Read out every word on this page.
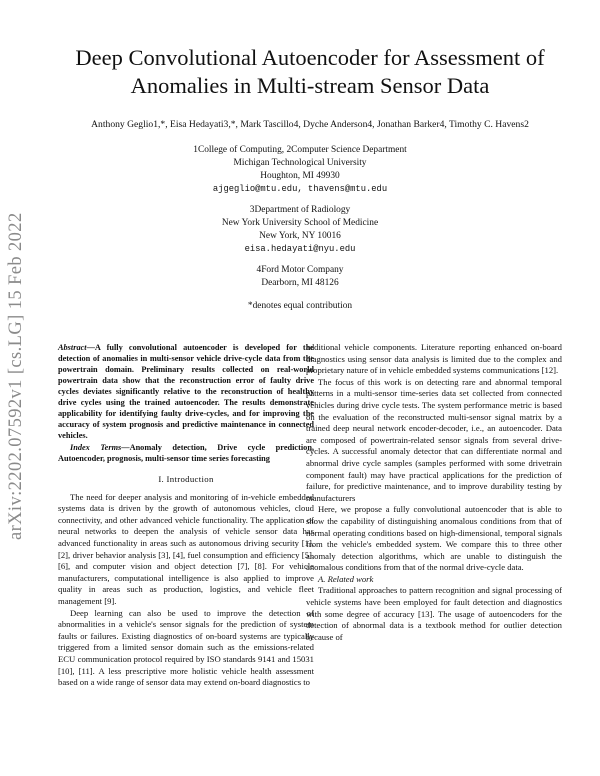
arXiv:2202.07592v1 [cs.LG] 15 Feb 2022
Deep Convolutional Autoencoder for Assessment of
Anomalies in Multi-stream Sensor Data
Anthony Geglio1,*, Eisa Hedayati3,*, Mark Tascillo4, Dyche Anderson4, Jonathan Barker4, Timothy C. Havens2
1College of Computing, 2Computer Science Department
Michigan Technological University
Houghton, MI 49930
ajgeglio@mtu.edu, thavens@mtu.edu
3Department of Radiology
New York University School of Medicine
New York, NY 10016
eisa.hedayati@nyu.edu
4Ford Motor Company
Dearborn, MI 48126
*denotes equal contribution

Abstract—A fully convolutional autoencoder is developed for the detection of anomalies in multi-sensor vehicle drive-cycle data from the powertrain domain. Preliminary results collected on real-world powertrain data show that the reconstruction error of faulty drive cycles deviates significantly relative to the reconstruction of healthy drive cycles using the trained autoencoder. The results demonstrate applicability for identifying faulty drive-cycles, and for improving the accuracy of system prognosis and predictive maintenance in connected vehicles.

Index Terms—Anomaly detection, Drive cycle prediction, Autoencoder, prognosis, multi-sensor time series forecasting

I. Introduction

The need for deeper analysis and monitoring of in-vehicle embedded systems data is driven by the growth of autonomous vehicles, cloud connectivity, and other advanced vehicle functionality. The application of neural networks to deepen the analysis of vehicle sensor data has advanced functionality in areas such as autonomous driving security [1], [2], driver behavior analysis [3], [4], fuel consumption and efficiency [5], [6], and computer vision and object detection [7], [8]. For vehicle manufacturers, computational intelligence is also applied to improve quality in areas such as production, logistics, and vehicle fleet management [9].

Deep learning can also be used to improve the detection of abnormalities in a vehicle's sensor signals for the prediction of system faults or failures. Existing diagnostics of on-board systems are typically triggered from a limited sensor domain such as the emissions-related ECU communication protocol required by ISO standards 9141 and 15031 [10], [11]. A less prescriptive more holistic vehicle health assessment based on a wide range of sensor data may extend on-board diagnostics to

additional vehicle components. Literature reporting enhanced on-board diagnostics using sensor data analysis is limited due to the complex and proprietary nature of in vehicle embedded systems communications [12].

The focus of this work is on detecting rare and abnormal temporal patterns in a multi-sensor time-series data set collected from connected vehicles during drive cycle tests. The system performance metric is based on the evaluation of the reconstructed multi-sensor signal matrix by a trained deep neural network encoder-decoder, i.e., an autoencoder. Data are composed of powertrain-related sensor signals from several drive-cycles. A successful anomaly detector that can differentiate normal and abnormal drive cycle samples (samples performed with some drivetrain component fault) may have practical applications for the prediction of failure, for predictive maintenance, and to improve durability testing by manufacturers

Here, we propose a fully convolutional autoencoder that is able to show the capability of distinguishing anomalous conditions from that of normal operating conditions based on high-dimensional, temporal signals from the vehicle's embedded system. We compare this to three other anomaly detection algorithms, which are unable to distinguish the anomalous conditions from that of the normal drive-cycle data.

A. Related work

Traditional approaches to pattern recognition and signal processing of vehicle systems have been employed for fault detection and diagnostics with some degree of accuracy [13]. The usage of autoencoders for the detection of abnormal data is a textbook method for outlier detection because of
